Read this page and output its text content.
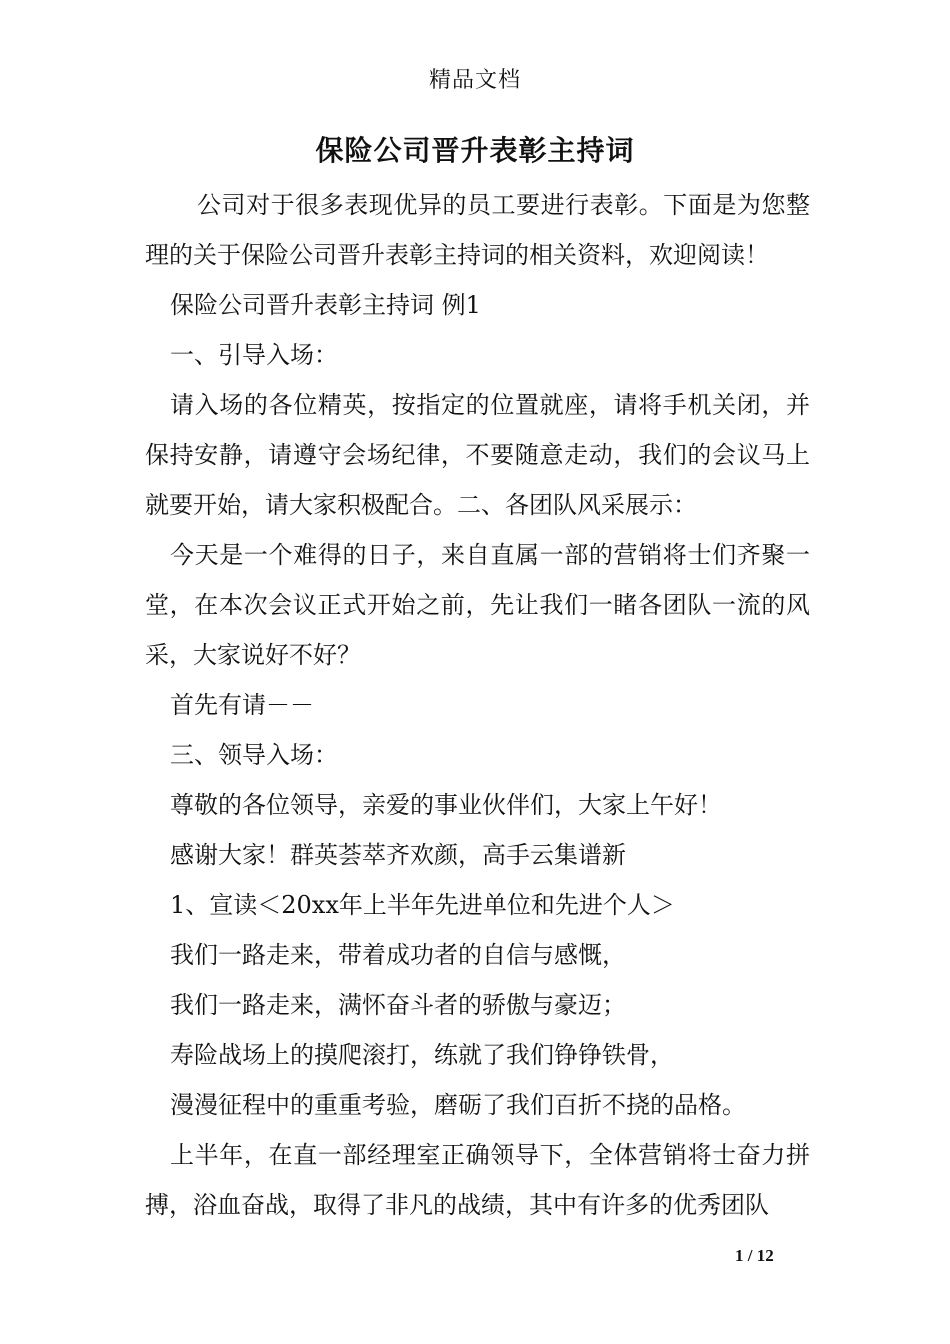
精品文档
保险公司晋升表彰主持词

公司对于很多表现优异的员工要进行表彰。下面是为您整理的关于保险公司晋升表彰主持词的相关资料，欢迎阅读！

保险公司晋升表彰主持词 例1

一、引导入场：

请入场的各位精英，按指定的位置就座，请将手机关闭，并保持安静，请遵守会场纪律，不要随意走动，我们的会议马上就要开始，请大家积极配合。二、各团队风采展示：

今天是一个难得的日子，来自直属一部的营销将士们齐聚一堂，在本次会议正式开始之前，先让我们一睹各团队一流的风采，大家说好不好？

首先有请－－

三、领导入场：

尊敬的各位领导，亲爱的事业伙伴们，大家上午好！

感谢大家！群英荟萃齐欢颜，高手云集谱新

1、宣读＜20xx年上半年先进单位和先进个人＞

我们一路走来，带着成功者的自信与感慨，

我们一路走来，满怀奋斗者的骄傲与豪迈；

寿险战场上的摸爬滚打，练就了我们铮铮铁骨，

漫漫征程中的重重考验，磨砺了我们百折不挠的品格。

上半年，在直一部经理室正确领导下，全体营销将士奋力拼搏，浴血奋战，取得了非凡的战绩，其中有许多的优秀团队

1 / 12
